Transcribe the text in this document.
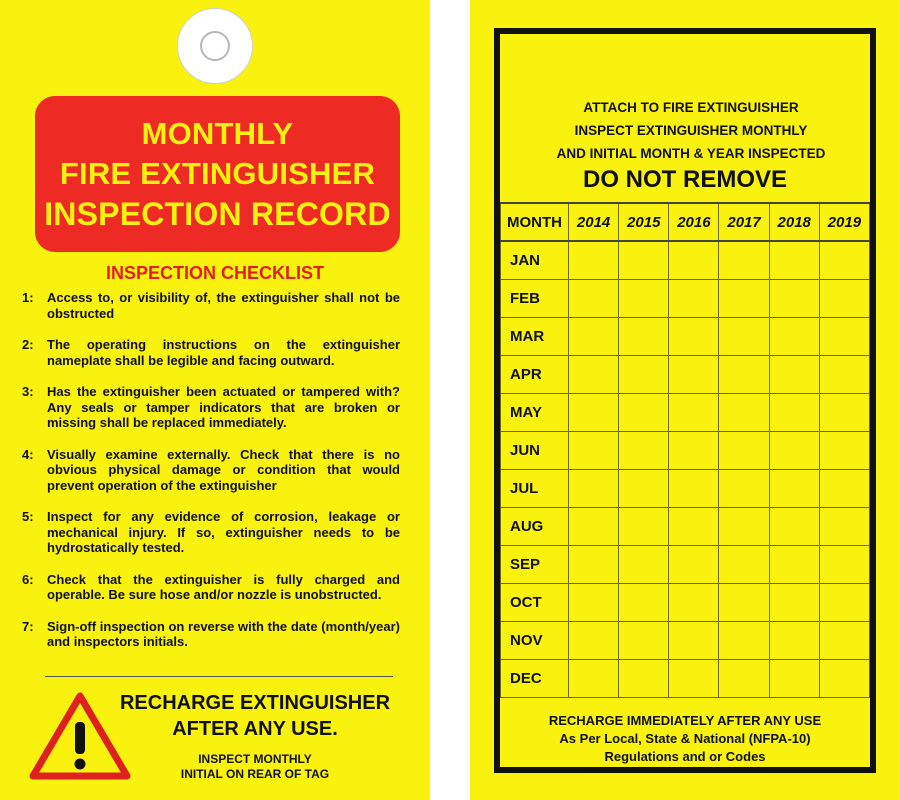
MONTHLY
FIRE EXTINGUISHER
INSPECTION RECORD
INSPECTION CHECKLIST
1:	Access to, or visibility of, the extinguisher shall not be obstructed
2:	The operating instructions on the extinguisher nameplate shall be legible and facing outward.
3:	Has the extinguisher been actuated or tampered with? Any seals or tamper indicators that are broken or missing shall be replaced immediately.
4:	Visually examine externally. Check that there is no obvious physical damage or condition that would prevent operation of the extinguisher
5:	Inspect for any evidence of corrosion, leakage or mechanical injury. If so, extinguisher needs to be hydrostatically tested.
6:	Check that the extinguisher is fully charged and operable. Be sure hose and/or nozzle is unobstructed.
7:	Sign-off inspection on reverse with the date (month/year) and inspectors initials.
RECHARGE EXTINGUISHER
AFTER ANY USE.
INSPECT MONTHLY
INITIAL ON REAR OF TAG
ATTACH TO FIRE EXTINGUISHER
INSPECT EXTINGUISHER MONTHLY
AND INITIAL MONTH & YEAR INSPECTED
DO NOT REMOVE
MONTH	2014	2015	2016	2017	2018	2019
JAN						
FEB						
MAR						
APR						
MAY						
JUN						
JUL						
AUG						
SEP						
OCT						
NOV						
DEC						
RECHARGE IMMEDIATELY AFTER ANY USE
As Per Local, State & National (NFPA-10)
Regulations and or Codes
